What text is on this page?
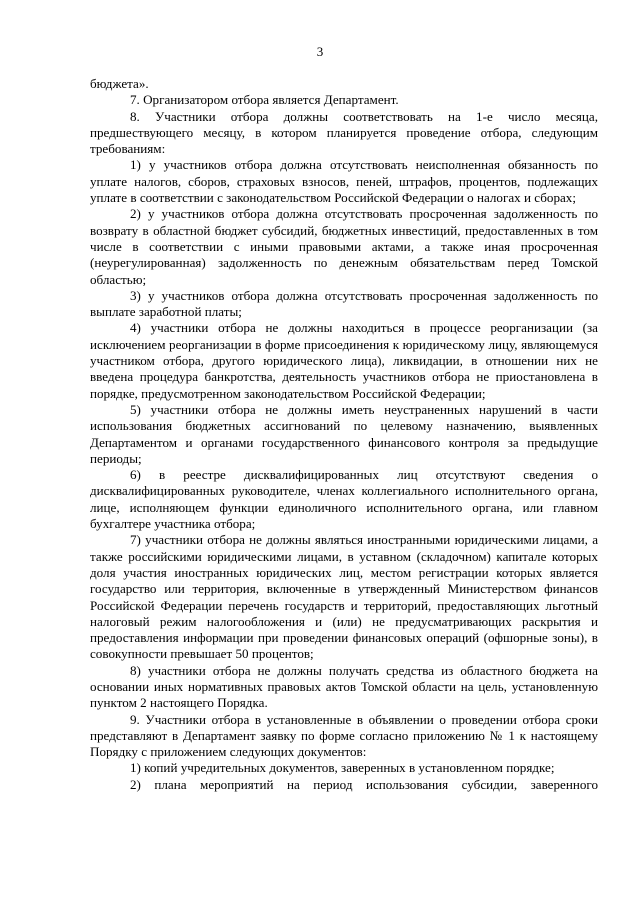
3

бюджета».

7. Организатором отбора является Департамент.

8. Участники отбора должны соответствовать на 1-е число месяца, предшествующего месяцу, в котором планируется проведение отбора, следующим требованиям:

1) у участников отбора должна отсутствовать неисполненная обязанность по уплате налогов, сборов, страховых взносов, пеней, штрафов, процентов, подлежащих уплате в соответствии с законодательством Российской Федерации о налогах и сборах;

2) у участников отбора должна отсутствовать просроченная задолженность по возврату в областной бюджет субсидий, бюджетных инвестиций, предоставленных в том числе в соответствии с иными правовыми актами, а также иная просроченная (неурегулированная) задолженность по денежным обязательствам перед Томской областью;

3) у участников отбора должна отсутствовать просроченная задолженность по выплате заработной платы;

4) участники отбора не должны находиться в процессе реорганизации (за исключением реорганизации в форме присоединения к юридическому лицу, являющемуся участником отбора, другого юридического лица), ликвидации, в отношении них не введена процедура банкротства, деятельность участников отбора не приостановлена в порядке, предусмотренном законодательством Российской Федерации;

5) участники отбора не должны иметь неустраненных нарушений в части использования бюджетных ассигнований по целевому назначению, выявленных Департаментом и органами государственного финансового контроля за предыдущие периоды;

6) в реестре дисквалифицированных лиц отсутствуют сведения о дисквалифицированных руководителе, членах коллегиального исполнительного органа, лице, исполняющем функции единоличного исполнительного органа, или главном бухгалтере участника отбора;

7) участники отбора не должны являться иностранными юридическими лицами, а также российскими юридическими лицами, в уставном (складочном) капитале которых доля участия иностранных юридических лиц, местом регистрации которых является государство или территория, включенные в утвержденный Министерством финансов Российской Федерации перечень государств и территорий, предоставляющих льготный налоговый режим налогообложения и (или) не предусматривающих раскрытия и предоставления информации при проведении финансовых операций (офшорные зоны), в совокупности превышает 50 процентов;

8) участники отбора не должны получать средства из областного бюджета на основании иных нормативных правовых актов Томской области на цель, установленную пунктом 2 настоящего Порядка.

9. Участники отбора в установленные в объявлении о проведении отбора сроки представляют в Департамент заявку по форме согласно приложению № 1 к настоящему Порядку с приложением следующих документов:

1) копий учредительных документов, заверенных в установленном порядке;

2) плана мероприятий на период использования субсидии, заверенного
